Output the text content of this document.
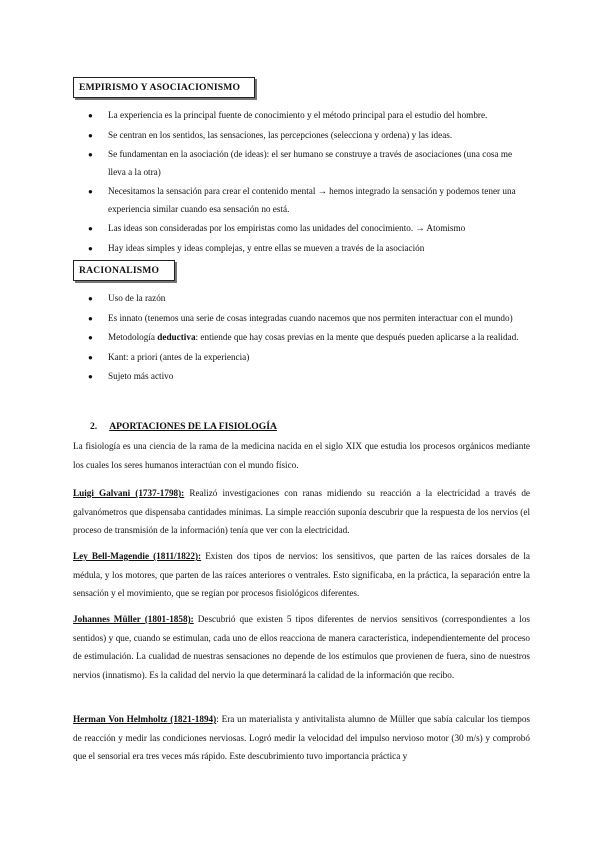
EMPIRISMO Y ASOCIACIONISMO
● La experiencia es la principal fuente de conocimiento y el método principal para el estudio del hombre.
● Se centran en los sentidos, las sensaciones, las percepciones (selecciona y ordena) y las ideas.
● Se fundamentan en la asociación (de ideas): el ser humano se construye a través de asociaciones (una cosa me lleva a la otra)
● Necesitamos la sensación para crear el contenido mental → hemos integrado la sensación y podemos tener una experiencia similar cuando esa sensación no está.
● Las ideas son consideradas por los empiristas como las unidades del conocimiento. → Atomismo
● Hay ideas simples y ideas complejas, y entre ellas se mueven a través de la asociación
RACIONALISMO
● Uso de la razón
● Es innato (tenemos una serie de cosas integradas cuando nacemos que nos permiten interactuar con el mundo)
● Metodología deductiva: entiende que hay cosas previas en la mente que después pueden aplicarse a la realidad.
● Kant: a priori (antes de la experiencia)
● Sujeto más activo
2. APORTACIONES DE LA FISIOLOGÍA

La fisiología es una ciencia de la rama de la medicina nacida en el siglo XIX que estudia los procesos orgánicos mediante los cuales los seres humanos interactúan con el mundo físico.

Luigi Galvani (1737-1798): Realizó investigaciones con ranas midiendo su reacción a la electricidad a través de galvanómetros que dispensaba cantidades mínimas. La simple reacción suponía descubrir que la respuesta de los nervios (el proceso de transmisión de la información) tenía que ver con la electricidad.

Ley Bell-Magendie (1811/1822): Existen dos tipos de nervios: los sensitivos, que parten de las raíces dorsales de la médula, y los motores, que parten de las raíces anteriores o ventrales. Esto significaba, en la práctica, la separación entre la sensación y el movimiento, que se regían por procesos fisiológicos diferentes.

Johannes Müller (1801-1858): Descubrió que existen 5 tipos diferentes de nervios sensitivos (correspondientes a los sentidos) y que, cuando se estimulan, cada uno de ellos reacciona de manera característica, independientemente del proceso de estimulación. La cualidad de nuestras sensaciones no depende de los estímulos que provienen de fuera, sino de nuestros nervios (innatismo). Es la calidad del nervio la que determinará la calidad de la información que recibo.

Herman Von Helmholtz (1821-1894): Era un materialista y antivitalista alumno de Müller que sabía calcular los tiempos de reacción y medir las condiciones nerviosas. Logró medir la velocidad del impulso nervioso motor (30 m/s) y comprobó que el sensorial era tres veces más rápido. Este descubrimiento tuvo importancia práctica y
